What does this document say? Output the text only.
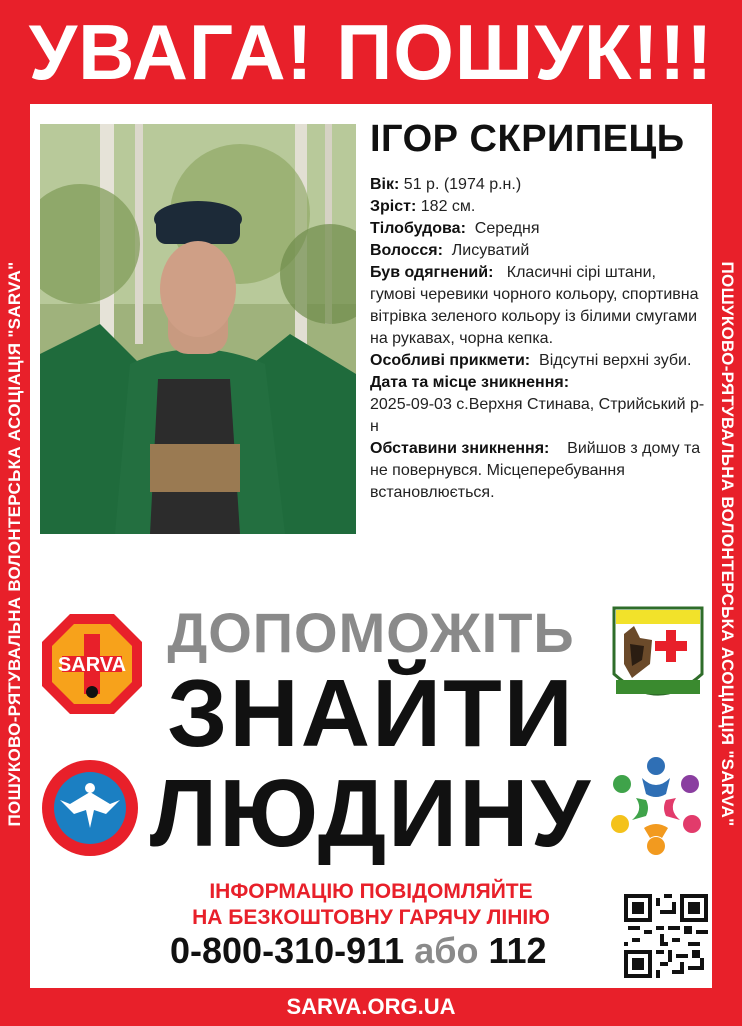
УВАГА! ПОШУК!!!
ПОШУКОВО-РЯТУВАЛЬНА ВОЛОНТЕРСЬКА АСОЦІАЦІЯ "SARVA"	ПОШУКОВО-РЯТУВАЛЬНА ВОЛОНТЕРСЬКА АСОЦІАЦІЯ "SARVA"
ІГОР СКРИПЕЦЬ

Вік: 51 р. (1974 р.н.)

Зріст: 182 см.

Тілобудова: Середня

Волосся: Лисуватий

Був одягнений: Класичні сірі штани, гумові черевики чорного кольору, спортивна вітрівка зеленого кольору із білими смугами на рукавах, чорна кепка.

Особливі прикмети: Відсутні верхні зуби.

Дата та місце зникнення:

2025-09-03 с.Верхня Стинава, Стрийський р-н

Обставини зникнення: Вийшов з дому та не повернувся. Місцеперебування встановлюється.

ДОПОМОЖІТЬ
ЗНАЙТИ
ЛЮДИНУ
SARVA
ІНФОРМАЦІЮ ПОВІДОМЛЯЙТЕ
НА БЕЗКОШТОВНУ ГАРЯЧУ ЛІНІЮ
0-800-310-911 або 112
SARVA.ORG.UA
